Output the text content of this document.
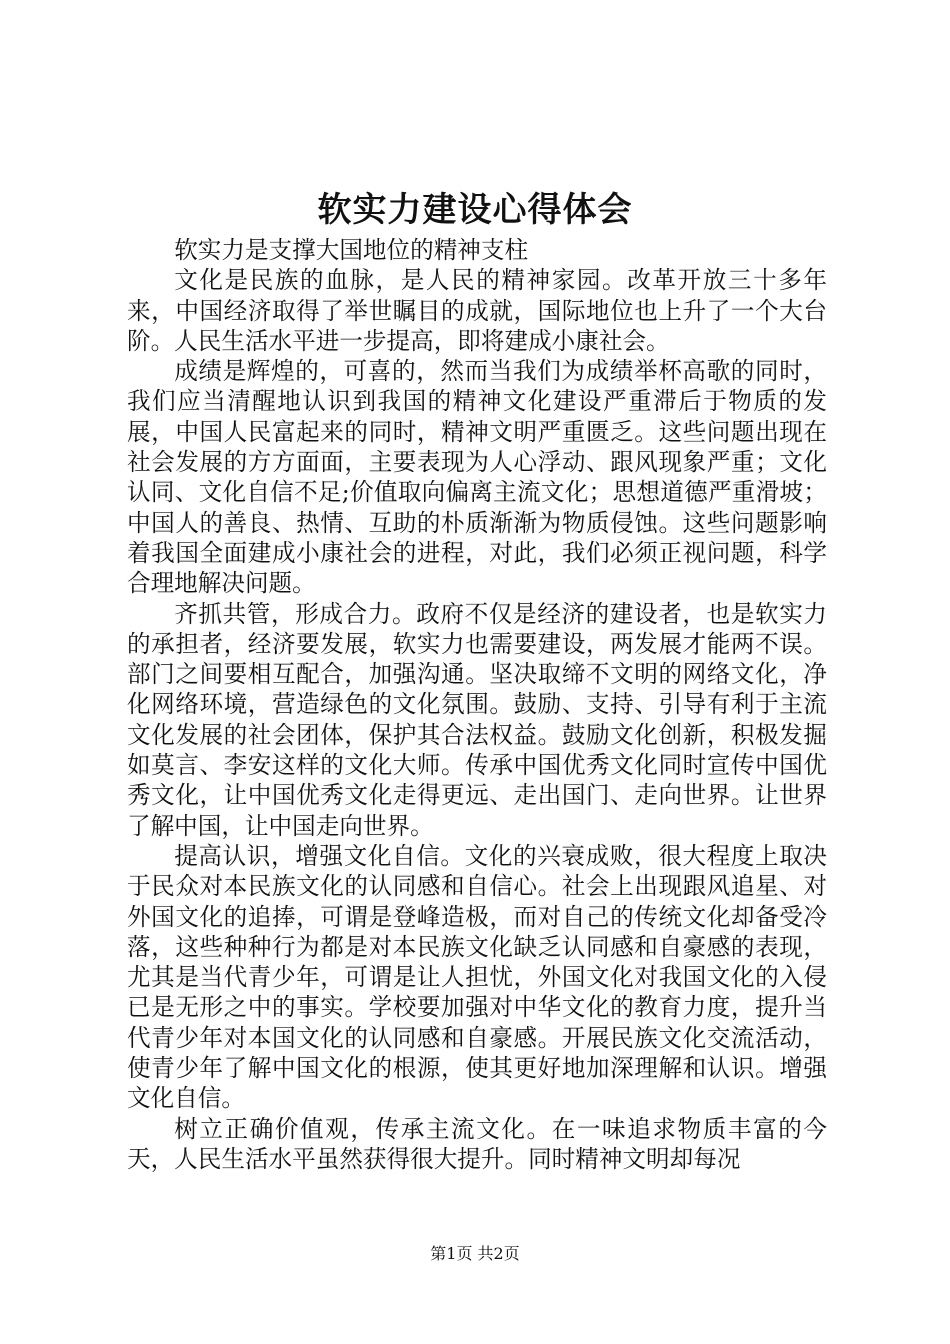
软实力建设心得体会

软实力是支撑大国地位的精神支柱

文化是民族的血脉，是人民的精神家园。改革开放三十多年来，中国经济取得了举世瞩目的成就，国际地位也上升了一个大台阶。人民生活水平进一步提高，即将建成小康社会。

成绩是辉煌的，可喜的，然而当我们为成绩举杯高歌的同时，我们应当清醒地认识到我国的精神文化建设严重滞后于物质的发展，中国人民富起来的同时，精神文明严重匮乏。这些问题出现在社会发展的方方面面，主要表现为人心浮动、跟风现象严重；文化认同、文化自信不足;价值取向偏离主流文化；思想道德严重滑坡；中国人的善良、热情、互助的朴质渐渐为物质侵蚀。这些问题影响着我国全面建成小康社会的进程，对此，我们必须正视问题，科学合理地解决问题。

齐抓共管，形成合力。政府不仅是经济的建设者，也是软实力的承担者，经济要发展，软实力也需要建设，两发展才能两不误。部门之间要相互配合，加强沟通。坚决取缔不文明的网络文化，净化网络环境，营造绿色的文化氛围。鼓励、支持、引导有利于主流文化发展的社会团体，保护其合法权益。鼓励文化创新，积极发掘如莫言、李安这样的文化大师。传承中国优秀文化同时宣传中国优秀文化，让中国优秀文化走得更远、走出国门、走向世界。让世界了解中国，让中国走向世界。

提高认识，增强文化自信。文化的兴衰成败，很大程度上取决于民众对本民族文化的认同感和自信心。社会上出现跟风追星、对外国文化的追捧，可谓是登峰造极，而对自己的传统文化却备受冷落，这些种种行为都是对本民族文化缺乏认同感和自豪感的表现，尤其是当代青少年，可谓是让人担忧，外国文化对我国文化的入侵已是无形之中的事实。学校要加强对中华文化的教育力度，提升当代青少年对本国文化的认同感和自豪感。开展民族文化交流活动，使青少年了解中国文化的根源，使其更好地加深理解和认识。增强文化自信。

树立正确价值观，传承主流文化。在一味追求物质丰富的今天，人民生活水平虽然获得很大提升。同时精神文明却每况

第1页 共2页
